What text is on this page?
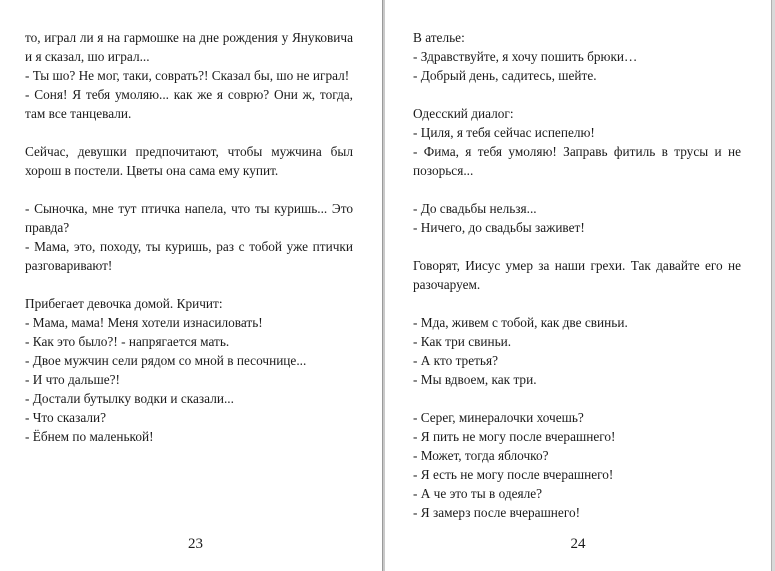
то, играл ли я на гармошке на дне рождения у Януковича и я сказал, шо играл...

- Ты шо? Не мог, таки, соврать?! Сказал бы, шо не играл!

- Соня! Я тебя умоляю... как же я соврю? Они ж, тогда, там все танцевали.

Сейчас, девушки предпочитают, чтобы мужчина был хорош в постели. Цветы она сама ему купит.

- Сыночка, мне тут птичка напела, что ты куришь... Это правда?

- Мама, это, походу, ты куришь, раз с тобой уже птички разговаривают!

Прибегает девочка домой. Кричит:

- Мама, мама! Меня хотели изнасиловать!

- Как это было?! - напрягается мать.

- Двое мужчин сели рядом со мной в песочнице...

- И что дальше?!

- Достали бутылку водки и сказали...

- Что сказали?

- Ёбнем по маленькой!

23

В ателье:

- Здравствуйте, я хочу пошить брюки…

- Добрый день, садитесь, шейте.

Одесский диалог:

- Циля, я тебя сейчас испепелю!

- Фима, я тебя умоляю! Заправь фитиль в трусы и не позорься...

- До свадьбы нельзя...

- Ничего, до свадьбы заживет!

Говорят, Иисус умер за наши грехи. Так давайте его не разочаруем.

- Мда, живем с тобой, как две свиньи.

- Как три свиньи.

- А кто третья?

- Мы вдвоем, как три.

- Серег, минералочки хочешь?

- Я пить не могу после вчерашнего!

- Может, тогда яблочко?

- Я есть не могу после вчерашнего!

- А че это ты в одеяле?

- Я замерз после вчерашнего!

24
